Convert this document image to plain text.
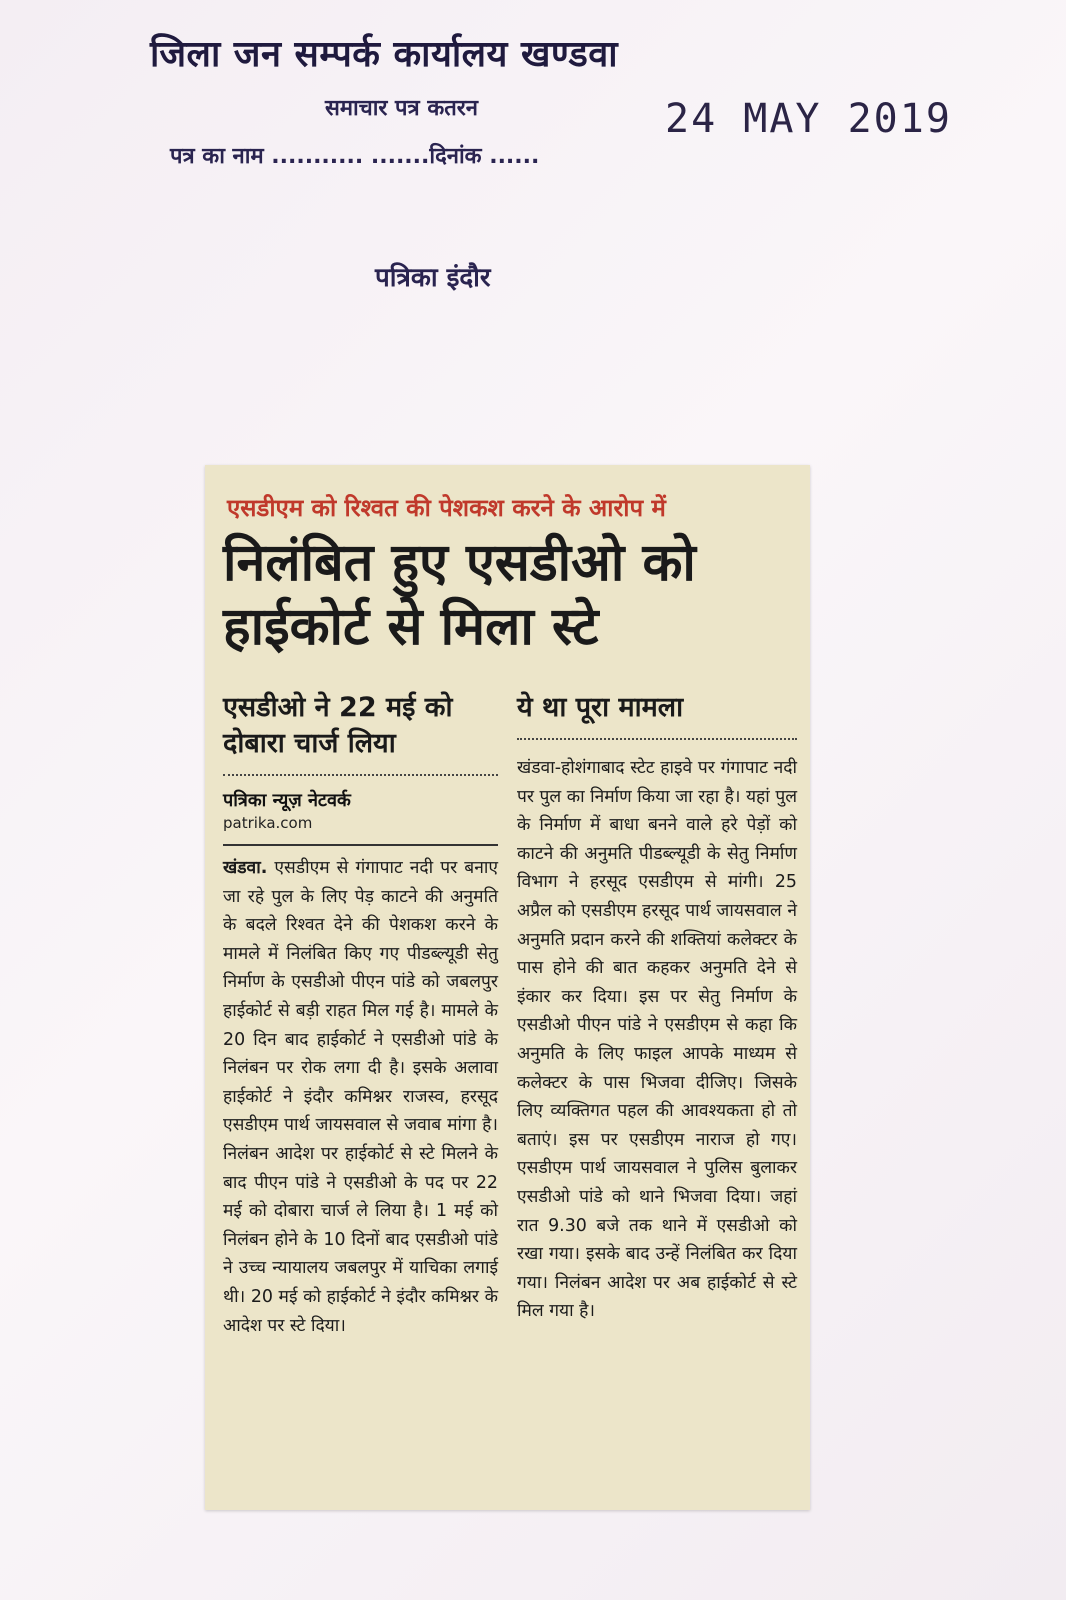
जिला जन सम्पर्क कार्यालय खण्डवा
समाचार पत्र कतरन	24 MAY 2019
पत्र का नाम ........... .......दिनांक ......
पत्रिका इंदौर
एसडीएम को रिश्वत की पेशकश करने के आरोप में
निलंबित हुए एसडीओ को हाईकोर्ट से मिला स्टे
एसडीओ ने 22 मई को दोबारा चार्ज लिया
पत्रिका न्यूज़ नेटवर्क
patrika.com
खंडवा. एसडीएम से गंगापाट नदी पर बनाए जा रहे पुल के लिए पेड़ काटने की अनुमति के बदले रिश्वत देने की पेशकश करने के मामले में निलंबित किए गए पीडब्ल्यूडी सेतु निर्माण के एसडीओ पीएन पांडे को जबलपुर हाईकोर्ट से बड़ी राहत मिल गई है। मामले के 20 दिन बाद हाईकोर्ट ने एसडीओ पांडे के निलंबन पर रोक लगा दी है। इसके अलावा हाईकोर्ट ने इंदौर कमिश्नर राजस्व, हरसूद एसडीएम पार्थ जायसवाल से जवाब मांगा है। निलंबन आदेश पर हाईकोर्ट से स्टे मिलने के बाद पीएन पांडे ने एसडीओ के पद पर 22 मई को दोबारा चार्ज ले लिया है। 1 मई को निलंबन होने के 10 दिनों बाद एसडीओ पांडे ने उच्च न्यायालय जबलपुर में याचिका लगाई थी। 20 मई को हाईकोर्ट ने इंदौर कमिश्नर के आदेश पर स्टे दिया।
ये था पूरा मामला
खंडवा-होशंगाबाद स्टेट हाइवे पर गंगापाट नदी पर पुल का निर्माण किया जा रहा है। यहां पुल के निर्माण में बाधा बनने वाले हरे पेड़ों को काटने की अनुमति पीडब्ल्यूडी के सेतु निर्माण विभाग ने हरसूद एसडीएम से मांगी। 25 अप्रैल को एसडीएम हरसूद पार्थ जायसवाल ने अनुमति प्रदान करने की शक्तियां कलेक्टर के पास होने की बात कहकर अनुमति देने से इंकार कर दिया। इस पर सेतु निर्माण के एसडीओ पीएन पांडे ने एसडीएम से कहा कि अनुमति के लिए फाइल आपके माध्यम से कलेक्टर के पास भिजवा दीजिए। जिसके लिए व्यक्तिगत पहल की आवश्यकता हो तो बताएं। इस पर एसडीएम नाराज हो गए। एसडीएम पार्थ जायसवाल ने पुलिस बुलाकर एसडीओ पांडे को थाने भिजवा दिया। जहां रात 9.30 बजे तक थाने में एसडीओ को रखा गया। इसके बाद उन्हें निलंबित कर दिया गया। निलंबन आदेश पर अब हाईकोर्ट से स्टे मिल गया है।
